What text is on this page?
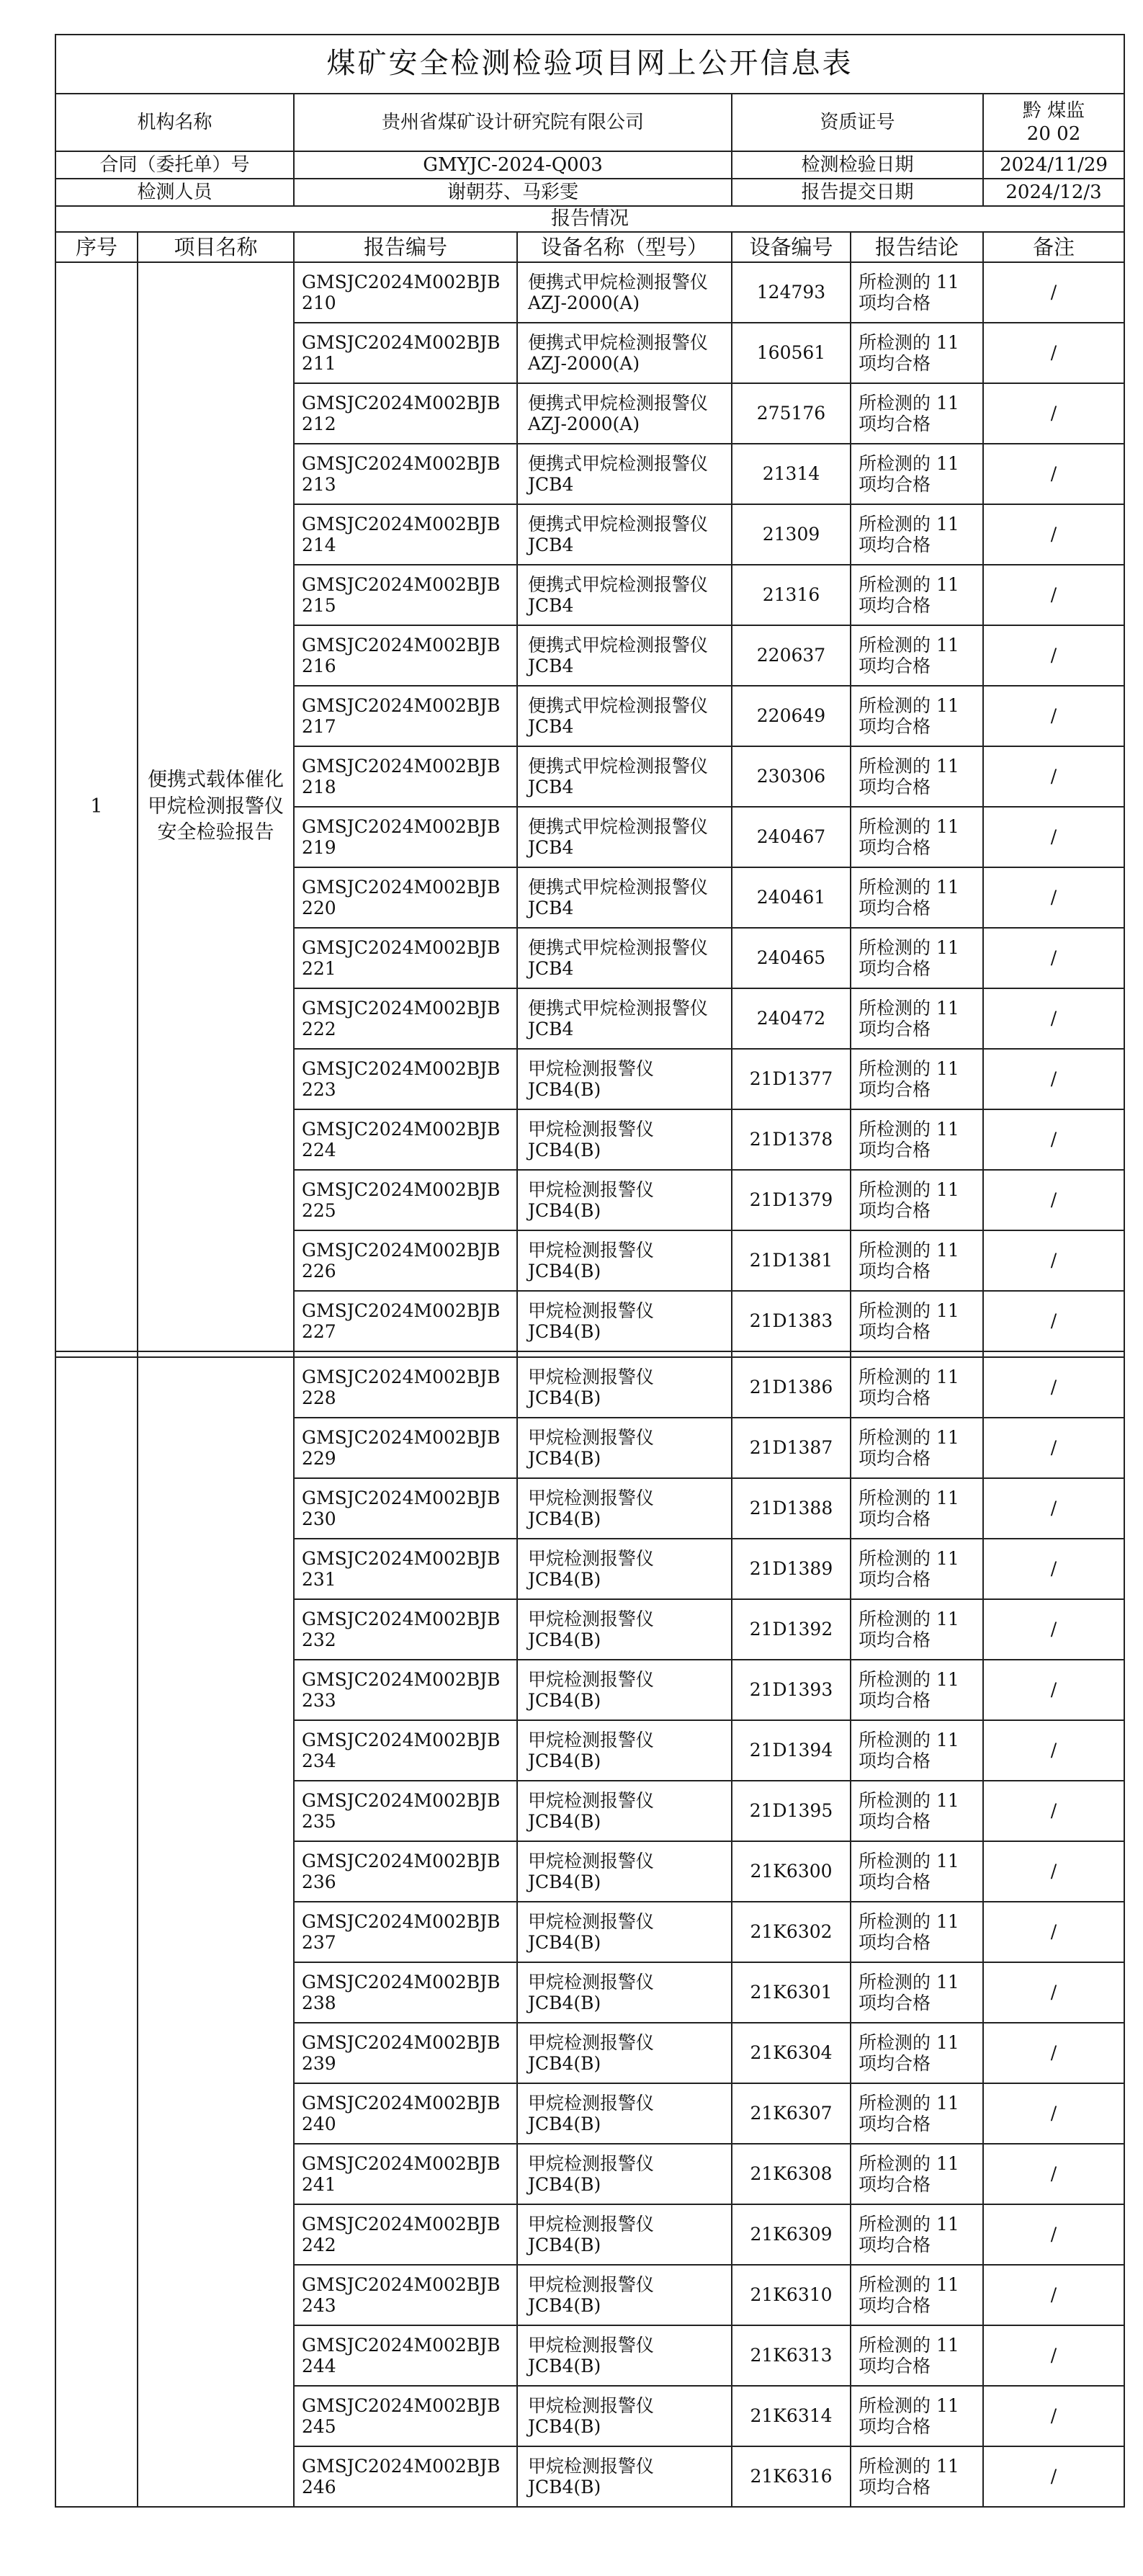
煤矿安全检测检验项目网上公开信息表						
机构名称		贵州省煤矿设计研究院有限公司		资质证号		黔 煤监
20 02

合同（委托单）号		GMYJC-2024-Q003		检测检验日期		2024/11/29
检测人员		谢朝芬、马彩雯		报告提交日期		2024/12/3
报告情况						
序号	项目名称	报告编号	设备名称（型号）	设备编号	报告结论	备注
1	便携式载体催化甲烷检测报警仪安全检验报告	GMSJC2024M002BJB 210	便携式甲烷检测报警仪 AZJ-2000(A)	124793	所检测的 11 项均合格	/
		GMSJC2024M002BJB 211	便携式甲烷检测报警仪 AZJ-2000(A)	160561	所检测的 11 项均合格	/
		GMSJC2024M002BJB 212	便携式甲烷检测报警仪 AZJ-2000(A)	275176	所检测的 11 项均合格	/
		GMSJC2024M002BJB 213	便携式甲烷检测报警仪 JCB4	21314	所检测的 11 项均合格	/
		GMSJC2024M002BJB 214	便携式甲烷检测报警仪 JCB4	21309	所检测的 11 项均合格	/
		GMSJC2024M002BJB 215	便携式甲烷检测报警仪 JCB4	21316	所检测的 11 项均合格	/
		GMSJC2024M002BJB 216	便携式甲烷检测报警仪 JCB4	220637	所检测的 11 项均合格	/
		GMSJC2024M002BJB 217	便携式甲烷检测报警仪 JCB4	220649	所检测的 11 项均合格	/
		GMSJC2024M002BJB 218	便携式甲烷检测报警仪 JCB4	230306	所检测的 11 项均合格	/
		GMSJC2024M002BJB 219	便携式甲烷检测报警仪 JCB4	240467	所检测的 11 项均合格	/
		GMSJC2024M002BJB 220	便携式甲烷检测报警仪 JCB4	240461	所检测的 11 项均合格	/
		GMSJC2024M002BJB 221	便携式甲烷检测报警仪 JCB4	240465	所检测的 11 项均合格	/
		GMSJC2024M002BJB 222	便携式甲烷检测报警仪 JCB4	240472	所检测的 11 项均合格	/
		GMSJC2024M002BJB 223	甲烷检测报警仪 JCB4(B)	21D1377	所检测的 11 项均合格	/
		GMSJC2024M002BJB 224	甲烷检测报警仪 JCB4(B)	21D1378	所检测的 11 项均合格	/
		GMSJC2024M002BJB 225	甲烷检测报警仪 JCB4(B)	21D1379	所检测的 11 项均合格	/
		GMSJC2024M002BJB 226	甲烷检测报警仪 JCB4(B)	21D1381	所检测的 11 项均合格	/
		GMSJC2024M002BJB 227	甲烷检测报警仪 JCB4(B)	21D1383	所检测的 11 项均合格	/

		GMSJC2024M002BJB 228	甲烷检测报警仪 JCB4(B)	21D1386	所检测的 11 项均合格	/
		GMSJC2024M002BJB 229	甲烷检测报警仪 JCB4(B)	21D1387	所检测的 11 项均合格	/
		GMSJC2024M002BJB 230	甲烷检测报警仪 JCB4(B)	21D1388	所检测的 11 项均合格	/
		GMSJC2024M002BJB 231	甲烷检测报警仪 JCB4(B)	21D1389	所检测的 11 项均合格	/
		GMSJC2024M002BJB 232	甲烷检测报警仪 JCB4(B)	21D1392	所检测的 11 项均合格	/
		GMSJC2024M002BJB 233	甲烷检测报警仪 JCB4(B)	21D1393	所检测的 11 项均合格	/
		GMSJC2024M002BJB 234	甲烷检测报警仪 JCB4(B)	21D1394	所检测的 11 项均合格	/
		GMSJC2024M002BJB 235	甲烷检测报警仪 JCB4(B)	21D1395	所检测的 11 项均合格	/
		GMSJC2024M002BJB 236	甲烷检测报警仪 JCB4(B)	21K6300	所检测的 11 项均合格	/
		GMSJC2024M002BJB 237	甲烷检测报警仪 JCB4(B)	21K6302	所检测的 11 项均合格	/
		GMSJC2024M002BJB 238	甲烷检测报警仪 JCB4(B)	21K6301	所检测的 11 项均合格	/
		GMSJC2024M002BJB 239	甲烷检测报警仪 JCB4(B)	21K6304	所检测的 11 项均合格	/
		GMSJC2024M002BJB 240	甲烷检测报警仪 JCB4(B)	21K6307	所检测的 11 项均合格	/
		GMSJC2024M002BJB 241	甲烷检测报警仪 JCB4(B)	21K6308	所检测的 11 项均合格	/
		GMSJC2024M002BJB 242	甲烷检测报警仪 JCB4(B)	21K6309	所检测的 11 项均合格	/
		GMSJC2024M002BJB 243	甲烷检测报警仪 JCB4(B)	21K6310	所检测的 11 项均合格	/
		GMSJC2024M002BJB 244	甲烷检测报警仪 JCB4(B)	21K6313	所检测的 11 项均合格	/
		GMSJC2024M002BJB 245	甲烷检测报警仪 JCB4(B)	21K6314	所检测的 11 项均合格	/
		GMSJC2024M002BJB 246	甲烷检测报警仪 JCB4(B)	21K6316	所检测的 11 项均合格	/
